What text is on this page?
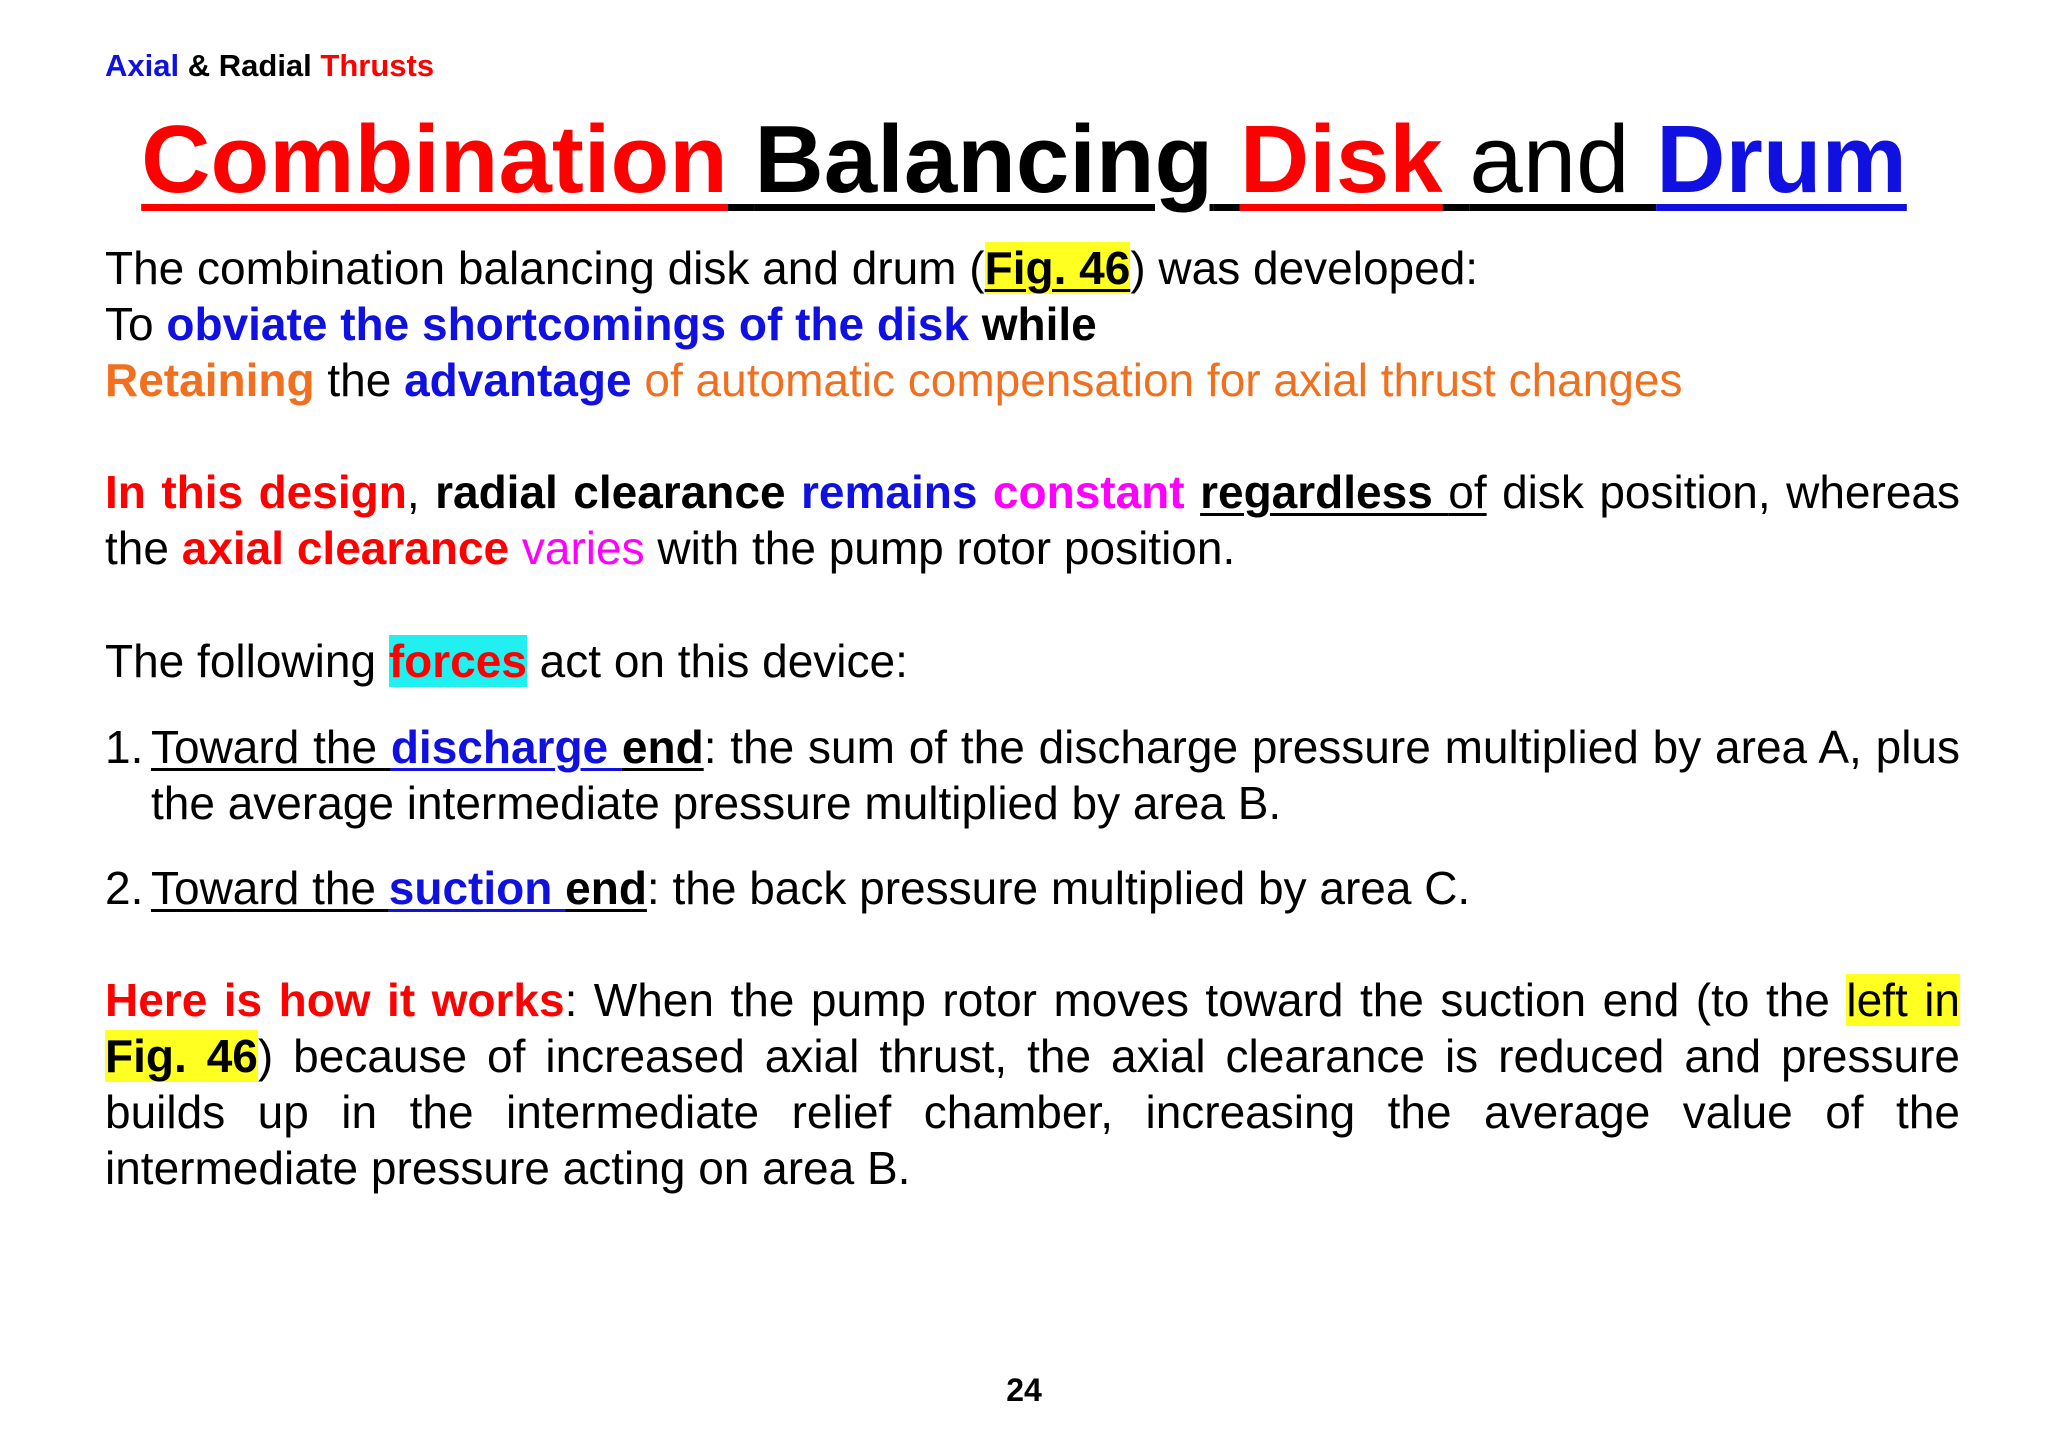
Axial & Radial Thrusts
Combination Balancing Disk and Drum
The combination balancing disk and drum (Fig. 46) was developed:
To obviate the shortcomings of the disk while
Retaining the advantage of automatic compensation for axial thrust changes
In this design, radial clearance remains constant regardless of disk position, whereas the axial clearance varies with the pump rotor position.
The following forces act on this device:
1. Toward the discharge end: the sum of the discharge pressure multiplied by area A, plus the average intermediate pressure multiplied by area B.
2. Toward the suction end: the back pressure multiplied by area C.
Here is how it works: When the pump rotor moves toward the suction end (to the left in Fig. 46) because of increased axial thrust, the axial clearance is reduced and pressure builds up in the intermediate relief chamber, increasing the average value of the intermediate pressure acting on area B.
24
